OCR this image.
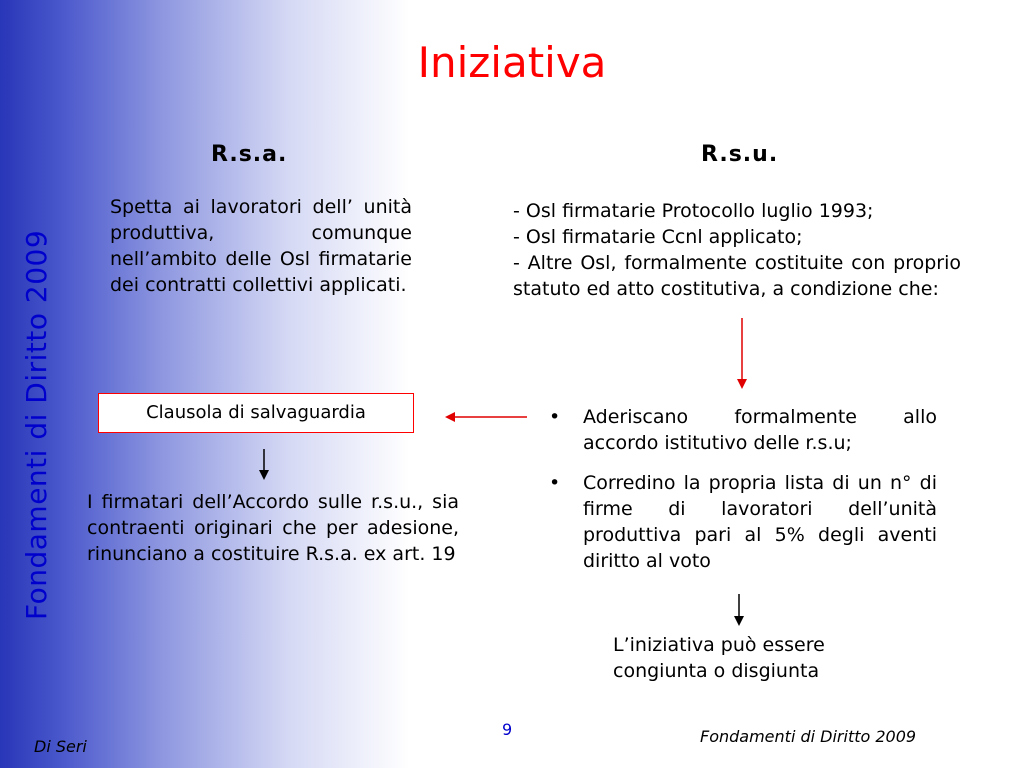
Iniziativa
Fondamenti di Diritto 2009
R.s.a.	R.s.u.
Spetta ai lavoratori dell’ unità produttiva, comunque nell’ambito delle Osl firmatarie dei contratti collettivi applicati.
- Osl firmatarie Protocollo luglio 1993;
- Osl firmatarie Ccnl applicato;
- Altre Osl, formalmente costituite con proprio statuto ed atto costitutiva, a condizione che:
Clausola di salvaguardia
I firmatari dell’Accordo sulle r.s.u., sia contraenti originari che per adesione, rinunciano a costituire R.s.a. ex art. 19
• Aderiscano formalmente allo accordo istitutivo delle r.s.u;
• Corredino la propria lista di un n° di firme di lavoratori dell’unità produttiva pari al 5% degli aventi diritto al voto
L’iniziativa può essere congiunta o disgiunta
Di Seri
9	Fondamenti di Diritto 2009
